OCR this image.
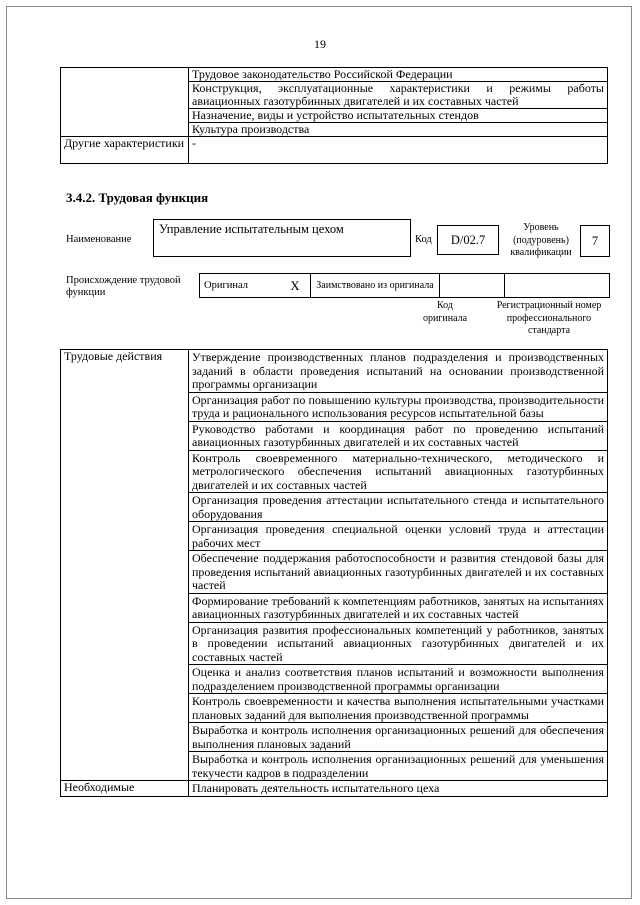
19
	Трудовое законодательство Российской Федерации
	Конструкция, эксплуатационные характеристики и режимы работы авиационных газотурбинных двигателей и их составных частей
	Назначение, виды и устройство испытательных стендов
	Культура производства
Другие характеристики	-
3.4.2. Трудовая функция
Наименование
Управление испытательным цехом
Код	D/02.7
Уровень (подуровень) квалификации
7
Происхождение трудовой функции
Оригинал	X	Заимствовано из оригинала		
Код оригинала
Регистрационный номер профессионального стандарта
Трудовые действия	Утверждение производственных планов подразделения и производственных заданий в области проведения испытаний на основании производственной программы организации
	Организация работ по повышению культуры производства, производительности труда и рационального использования ресурсов испытательной базы
	Руководство работами и координация работ по проведению испытаний авиационных газотурбинных двигателей и их составных частей
	Контроль своевременного материально-технического, методического и метрологического обеспечения испытаний авиационных газотурбинных двигателей и их составных частей
	Организация проведения аттестации испытательного стенда и испытательного оборудования
	Организация проведения специальной оценки условий труда и аттестации рабочих мест
	Обеспечение поддержания работоспособности и развития стендовой базы для проведения испытаний авиационных газотурбинных двигателей и их составных частей
	Формирование требований к компетенциям работников, занятых на испытаниях авиационных газотурбинных двигателей и их составных частей
	Организация развития профессиональных компетенций у работников, занятых в проведении испытаний авиационных газотурбинных двигателей и их составных частей
	Оценка и анализ соответствия планов испытаний и возможности выполнения подразделением производственной программы организации
	Контроль своевременности и качества выполнения испытательными участками плановых заданий для выполнения производственной программы
	Выработка и контроль исполнения организационных решений для обеспечения выполнения плановых заданий
	Выработка и контроль исполнения организационных решений для уменьшения текучести кадров в подразделении
Необходимые	Планировать деятельность испытательного цеха
